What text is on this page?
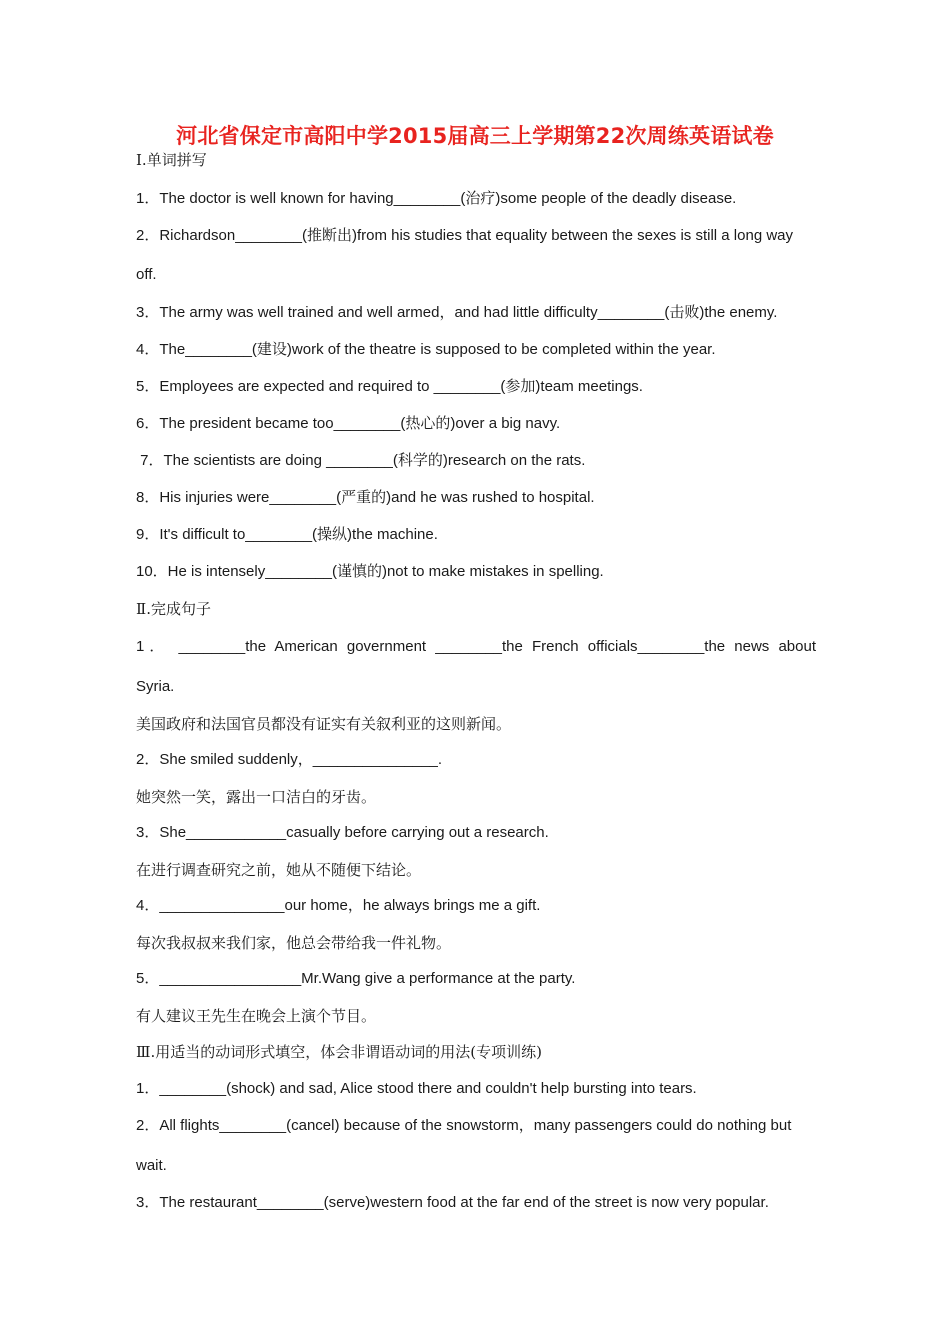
河北省保定市高阳中学2015届高三上学期第22次周练英语试卷
Ⅰ.单词拼写
1．The doctor is well known for having________(治疗)some people of the deadly disease.
2．Richardson________(推断出)from his studies that equality between the sexes is still a long way
off.
3．The army was well trained and well armed，and had little difficulty________(击败)the enemy.
4．The________(建设)work of the theatre is supposed to be completed within the year.
5．Employees are expected and required to ________(参加)team meetings.
6．The president became too________(热心的)over a big navy.
7．The scientists are doing ________(科学的)research on the rats.
8．His injuries were________(严重的)and he was rushed to hospital.
9．It's difficult to________(操纵)the machine.
10．He is intensely________(谨慎的)not to make mistakes in spelling.
Ⅱ.完成句子
1． ________the American government ________the French officials________the news about
Syria.
美国政府和法国官员都没有证实有关叙利亚的这则新闻。
2．She smiled suddenly，_______________.
她突然一笑，露出一口洁白的牙齿。
3．She____________casually before carrying out a research.
在进行调查研究之前，她从不随便下结论。
4．_______________our home，he always brings me a gift.
每次我叔叔来我们家，他总会带给我一件礼物。
5．_________________Mr.Wang give a performance at the party.
有人建议王先生在晚会上演个节目。
Ⅲ.用适当的动词形式填空，体会非谓语动词的用法(专项训练)
1．________(shock) and sad, Alice stood there and couldn't help bursting into tears.
2．All flights________(cancel) because of the snowstorm，many passengers could do nothing but
wait.
3．The restaurant________(serve)western food at the far end of the street is now very popular.
